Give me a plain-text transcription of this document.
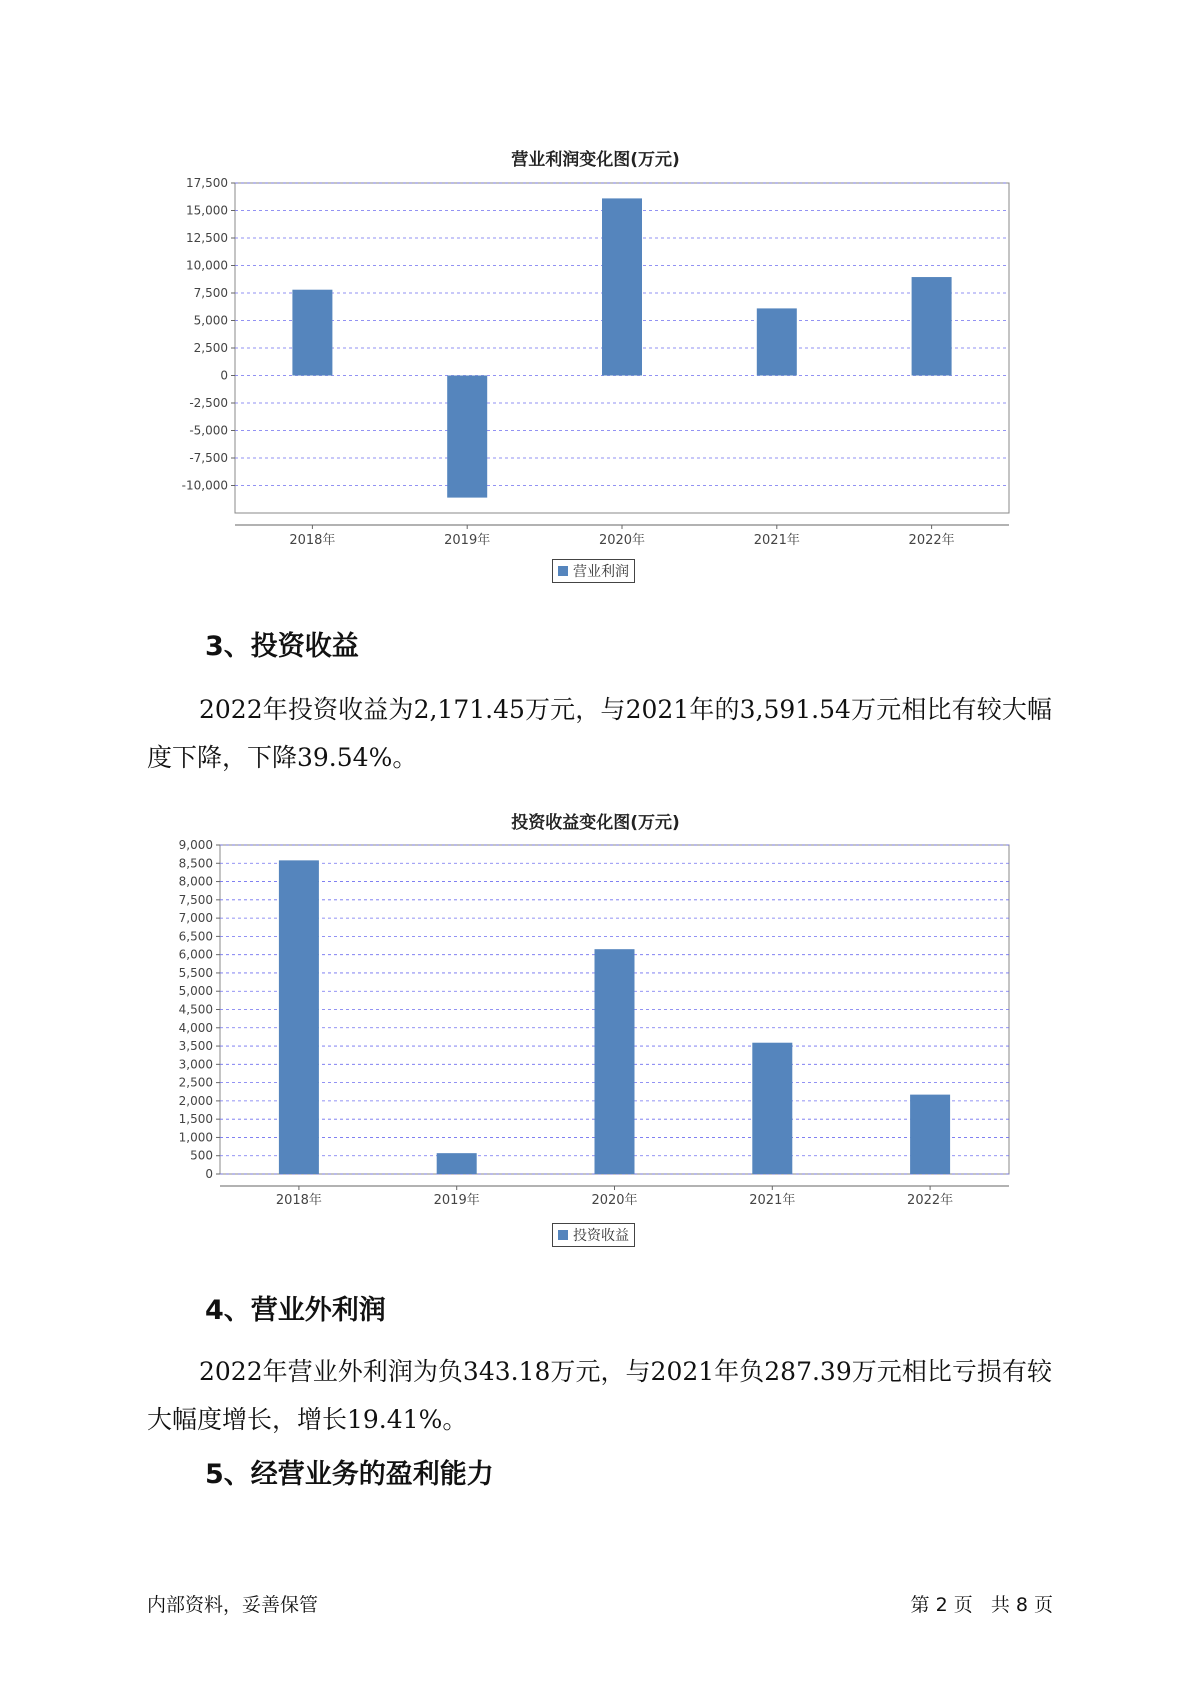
营业利润变化图(万元)
17,500
15,000
12,500
10,000
7,500
5,000
2,500
0
-2,500
-5,000
-7,500
-10,000
2018年	2019年	2020年	2021年	2022年
营业利润
3、投资收益

2022年投资收益为2,171.45万元，与2021年的3,591.54万元相比有较大幅度下降，下降39.54%。

投资收益变化图(万元)
9,000
8,500
8,000
7,500
7,000
6,500
6,000
5,500
5,000
4,500
4,000
3,500
3,000
2,500
2,000
1,500
1,000
500
0
2018年	2019年	2020年	2021年	2022年
投资收益
4、营业外利润

2022年营业外利润为负343.18万元，与2021年负287.39万元相比亏损有较大幅度增长，增长19.41%。

5、经营业务的盈利能力
内部资料，妥善保管	第 2 页   共 8 页
